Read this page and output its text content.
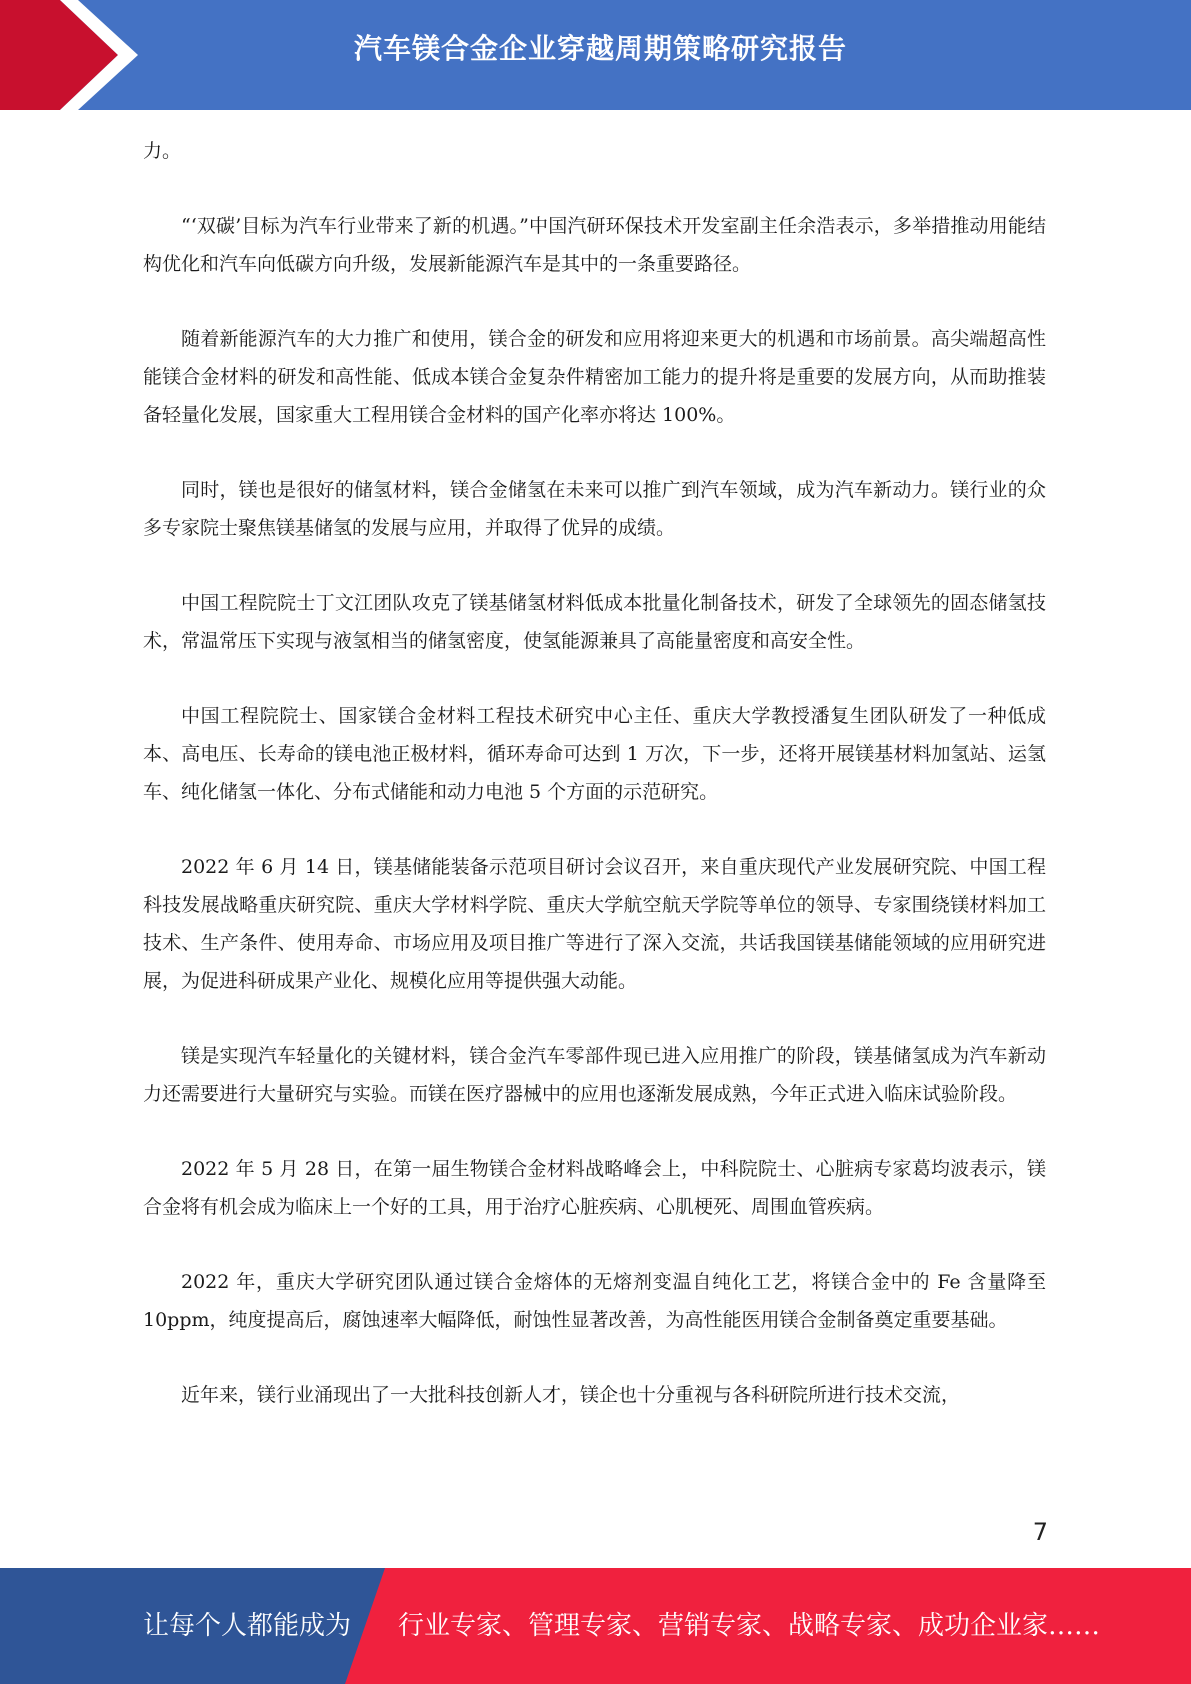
汽车镁合金企业穿越周期策略研究报告

力。

“‘双碳’目标为汽车行业带来了新的机遇。”中国汽研环保技术开发室副主任余浩表示，多举措推动用能结构优化和汽车向低碳方向升级，发展新能源汽车是其中的一条重要路径。

随着新能源汽车的大力推广和使用，镁合金的研发和应用将迎来更大的机遇和市场前景。高尖端超高性能镁合金材料的研发和高性能、低成本镁合金复杂件精密加工能力的提升将是重要的发展方向，从而助推装备轻量化发展，国家重大工程用镁合金材料的国产化率亦将达 100%。

同时，镁也是很好的储氢材料，镁合金储氢在未来可以推广到汽车领域，成为汽车新动力。镁行业的众多专家院士聚焦镁基储氢的发展与应用，并取得了优异的成绩。

中国工程院院士丁文江团队攻克了镁基储氢材料低成本批量化制备技术，研发了全球领先的固态储氢技术，常温常压下实现与液氢相当的储氢密度，使氢能源兼具了高能量密度和高安全性。

中国工程院院士、国家镁合金材料工程技术研究中心主任、重庆大学教授潘复生团队研发了一种低成本、高电压、长寿命的镁电池正极材料，循环寿命可达到 1 万次，下一步，还将开展镁基材料加氢站、运氢车、纯化储氢一体化、分布式储能和动力电池 5 个方面的示范研究。

2022 年 6 月 14 日，镁基储能装备示范项目研讨会议召开，来自重庆现代产业发展研究院、中国工程科技发展战略重庆研究院、重庆大学材料学院、重庆大学航空航天学院等单位的领导、专家围绕镁材料加工技术、生产条件、使用寿命、市场应用及项目推广等进行了深入交流，共话我国镁基储能领域的应用研究进展，为促进科研成果产业化、规模化应用等提供强大动能。

镁是实现汽车轻量化的关键材料，镁合金汽车零部件现已进入应用推广的阶段，镁基储氢成为汽车新动力还需要进行大量研究与实验。而镁在医疗器械中的应用也逐渐发展成熟，今年正式进入临床试验阶段。

2022 年 5 月 28 日，在第一届生物镁合金材料战略峰会上，中科院院士、心脏病专家葛均波表示，镁合金将有机会成为临床上一个好的工具，用于治疗心脏疾病、心肌梗死、周围血管疾病。

2022 年，重庆大学研究团队通过镁合金熔体的无熔剂变温自纯化工艺，将镁合金中的 Fe 含量降至 10ppm，纯度提高后，腐蚀速率大幅降低，耐蚀性显著改善，为高性能医用镁合金制备奠定重要基础。

近年来，镁行业涌现出了一大批科技创新人才，镁企也十分重视与各科研院所进行技术交流，

7
让每个人都能成为 行业专家、管理专家、营销专家、战略专家、成功企业家……
